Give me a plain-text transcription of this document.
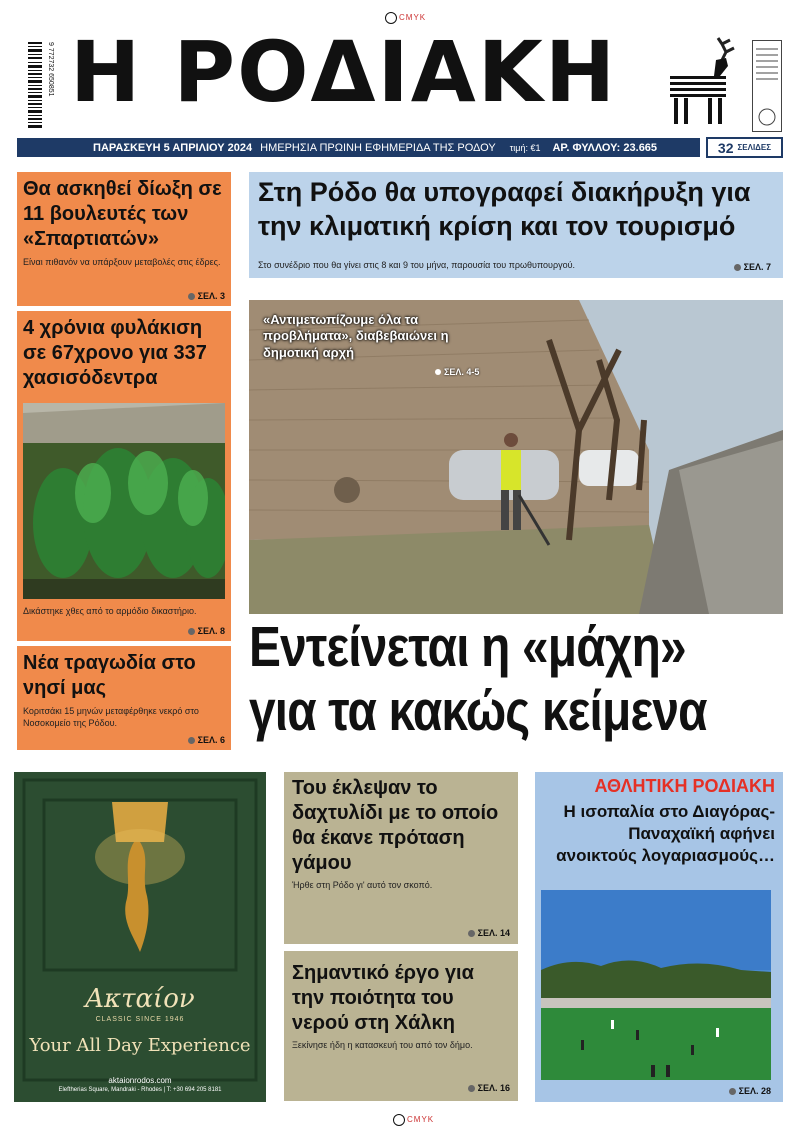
CMYK
9 772732 650851 Η ΡΟΔΙΑΚΗ
ΠΑΡΑΣΚΕΥΗ 5 ΑΠΡΙΛΙΟΥ 2024 ΗΜΕΡΗΣΙΑ ΠΡΩΙΝΗ ΕΦΗΜΕΡΙΔΑ ΤΗΣ ΡΟΔΟΥ τιμή: €1 ΑΡ. ΦΥΛΛΟΥ: 23.665	32 ΣΕΛΙΔΕΣ
Θα ασκηθεί δίωξη σε 11 βουλευτές των «Σπαρτιατών»
Είναι πιθανόν να υπάρξουν μεταβολές στις έδρες.
ΣΕΛ. 3
4 χρόνια φυλάκιση σε 67χρονο για 337 χασισόδεντρα
Δικάστηκε χθες από το αρμόδιο δικαστήριο.
ΣΕΛ. 8
Νέα τραγωδία στο νησί μας
Κοριτσάκι 15 μηνών μεταφέρθηκε νεκρό στο Νοσοκομείο της Ρόδου.
ΣΕΛ. 6
Στη Ρόδο θα υπογραφεί διακήρυξη για την κλιματική κρίση και τον τουρισμό
Στο συνέδριο που θα γίνει στις 8 και 9 του μήνα, παρουσία του πρωθυπουργού.	ΣΕΛ. 7
«Αντιμετωπίζουμε όλα τα προβλήματα», διαβεβαιώνει η δημοτική αρχή
ΣΕΛ. 4-5
Εντείνεται η «μάχη»
για τα κακώς κείμενα
Ακταίον
CLASSIC SINCE 1946
Your All Day Experience
aktaionrodos.com
Eleftherias Square, Mandraki - Rhodes | T: +30 694 205 8181
Του έκλεψαν το δαχτυλίδι με το οποίο θα έκανε πρόταση γάμου
Ήρθε στη Ρόδο γι' αυτό τον σκοπό.
ΣΕΛ. 14
Σημαντικό έργο για την ποιότητα του νερού στη Χάλκη
Ξεκίνησε ήδη η κατασκευή του από τον δήμο.
ΣΕΛ. 16
ΑΘΛΗΤΙΚΗ ΡΟΔΙΑΚΗ
Η ισοπαλία στο Διαγόρας-Παναχαϊκή αφήνει ανοικτούς λογαριασμούς…
ΣΕΛ. 28
CMYK
